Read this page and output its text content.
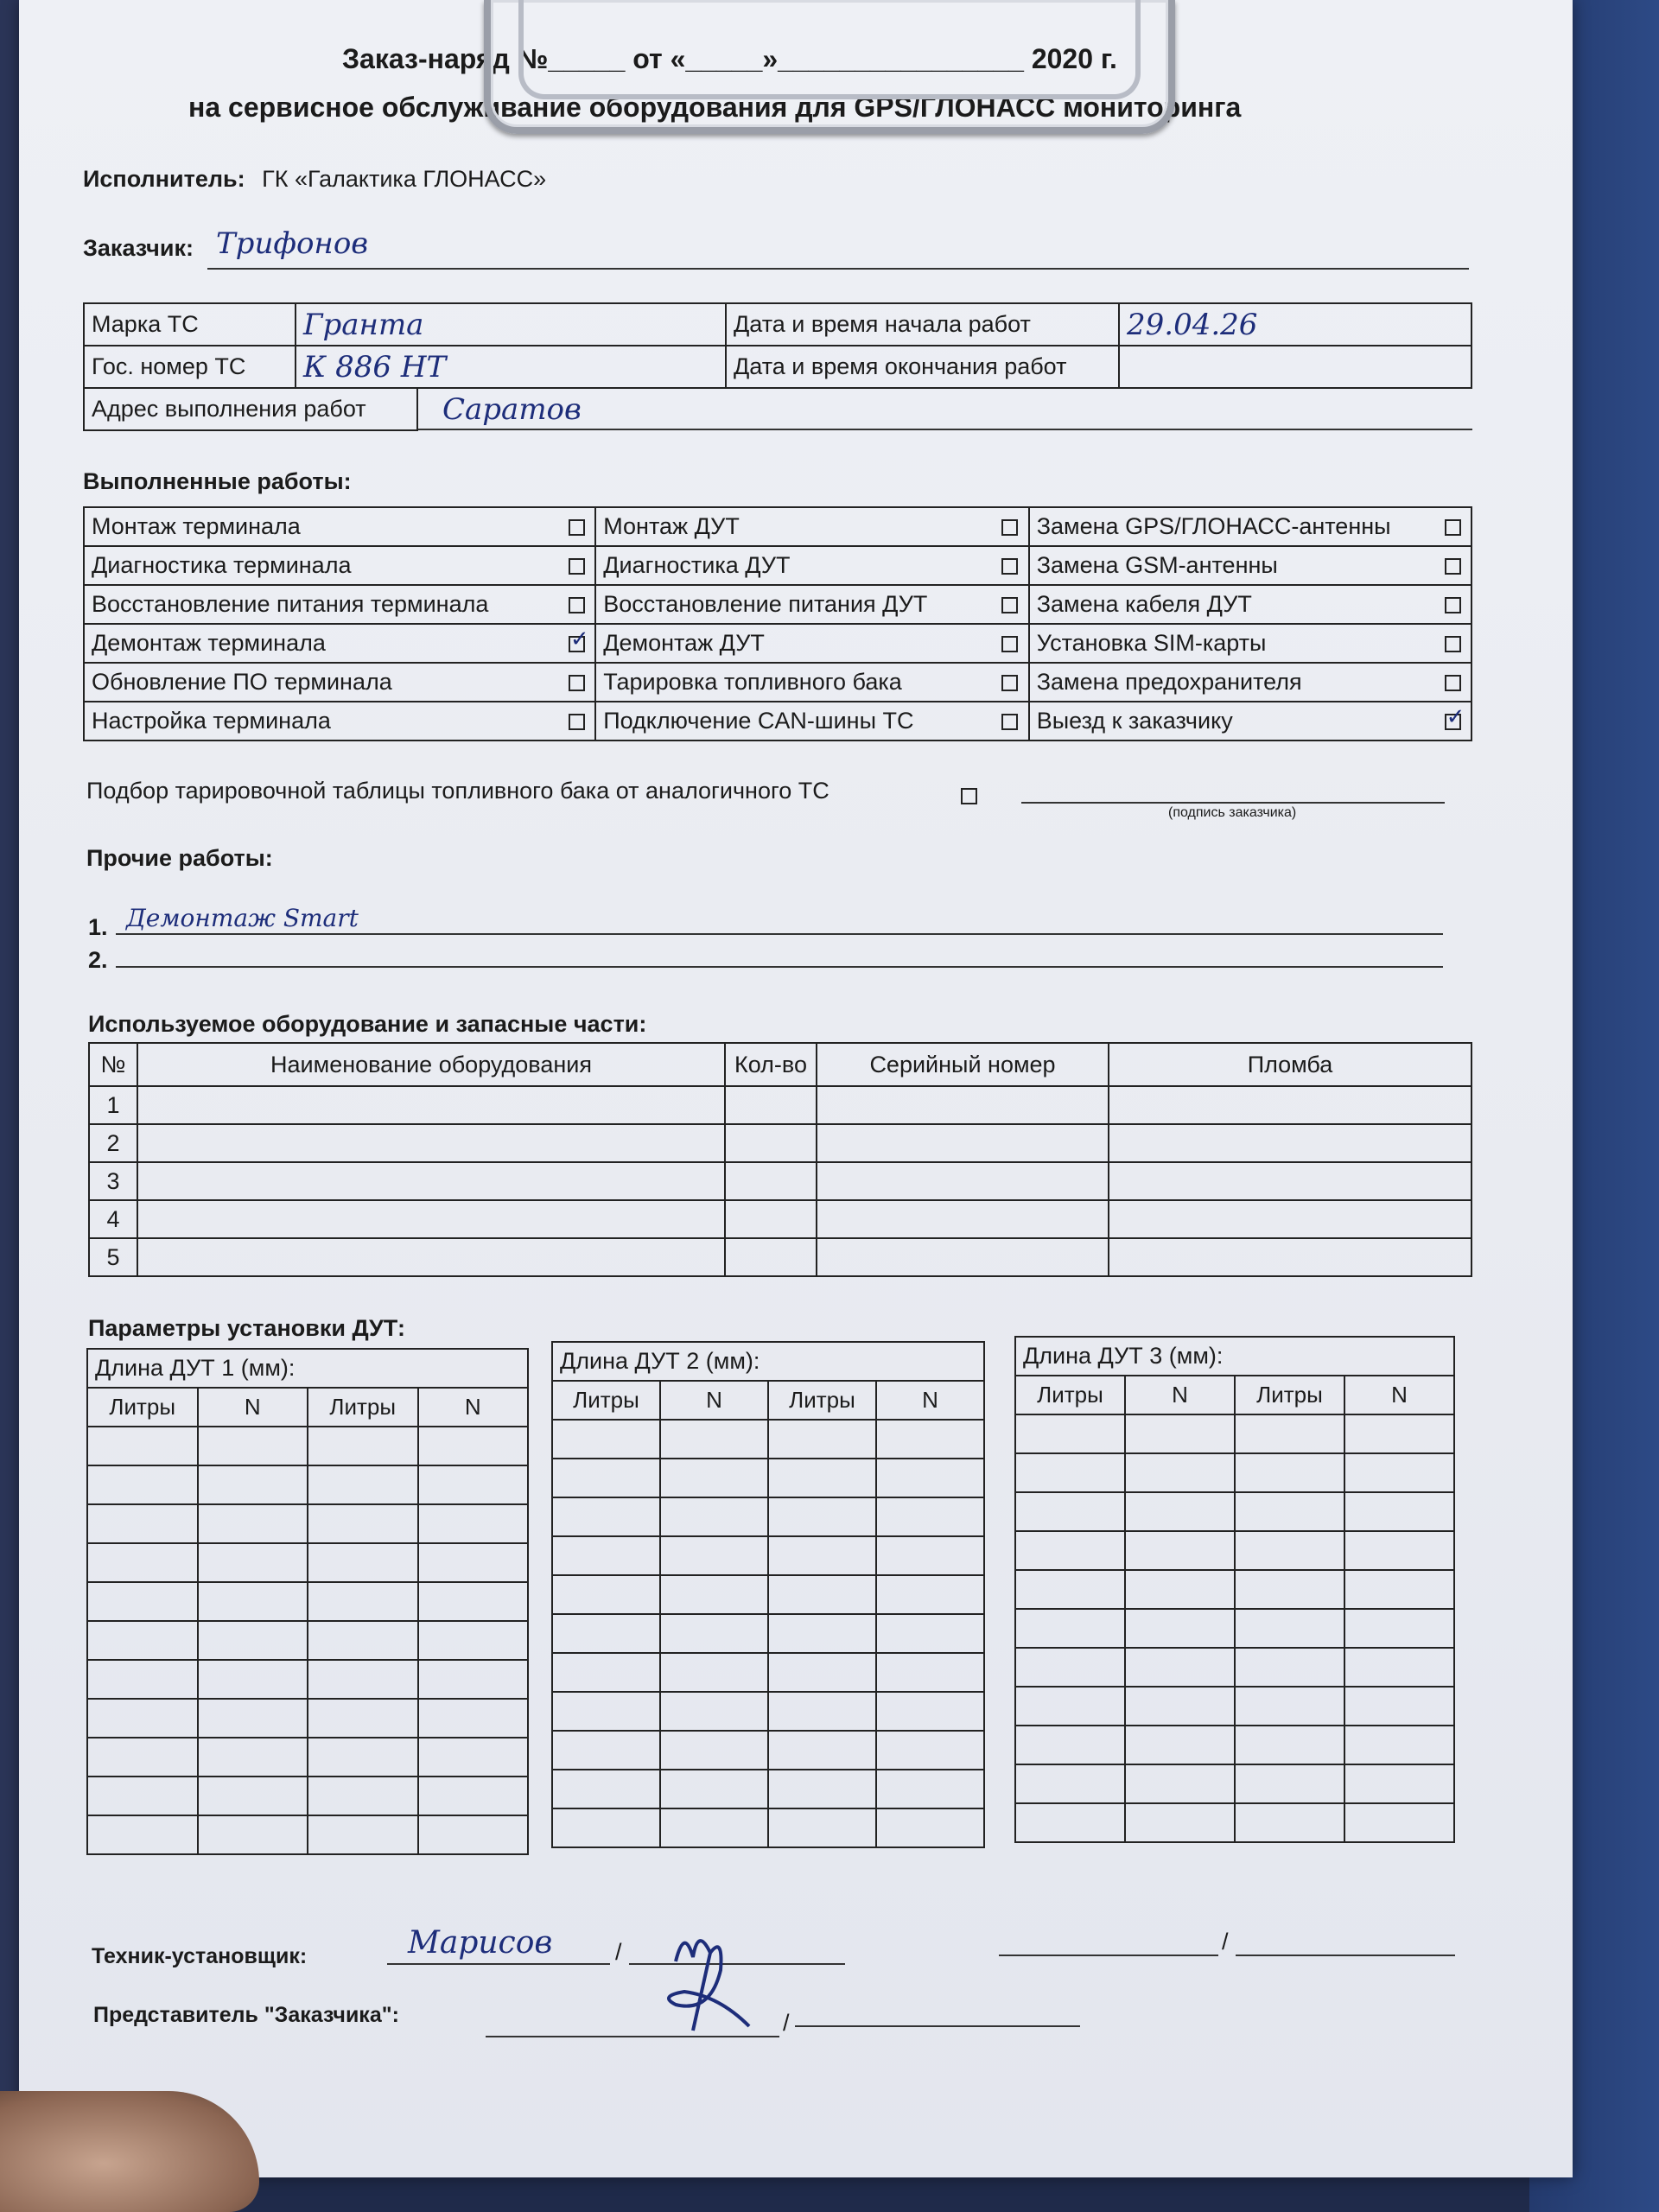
Заказ-наряд №_____ от «_____»________________ 2020 г.
на сервисное обслуживание оборудования для GPS/ГЛОНАСС мониторинга
Исполнитель: ГК «Галактика ГЛОНАСС»
Заказчик: Трифонов
Марка ТС	Гранта	Дата и время начала работ	29.04.26
Гос. номер ТС	К 886 НТ	Дата и время окончания работ	
Адрес выполнения работ	Саратов
Выполненные работы:
Монтаж терминала		Монтаж ДУТ		Замена GPS/ГЛОНАСС-антенны	
Диагностика терминала		Диагностика ДУТ		Замена GSM-антенны	
Восстановление питания терминала		Восстановление питания ДУТ		Замена кабеля ДУТ	
Демонтаж терминала	✓	Демонтаж ДУТ		Установка SIM-карты	
Обновление ПО терминала		Тарировка топливного бака		Замена предохранителя	
Настройка терминала		Подключение CAN-шины ТС		Выезд к заказчику	✓
Подбор тарировочной таблицы топливного бака от аналогичного ТС
(подпись заказчика)
Прочие работы:
1. Демонтаж Smart
2.
Используемое оборудование и запасные части:
№	Наименование оборудования	Кол-во	Серийный номер	Пломба
1				
2				
3				
4				
5				
Параметры установки ДУТ:
Длина ДУТ 1 (мм):			
Литры	N	Литры	N

Длина ДУТ 2 (мм):			
Литры	N	Литры	N

Длина ДУТ 3 (мм):			
Литры	N	Литры	N

Техник-установщик:	Марисов	/	/
Представитель "Заказчика":	/
